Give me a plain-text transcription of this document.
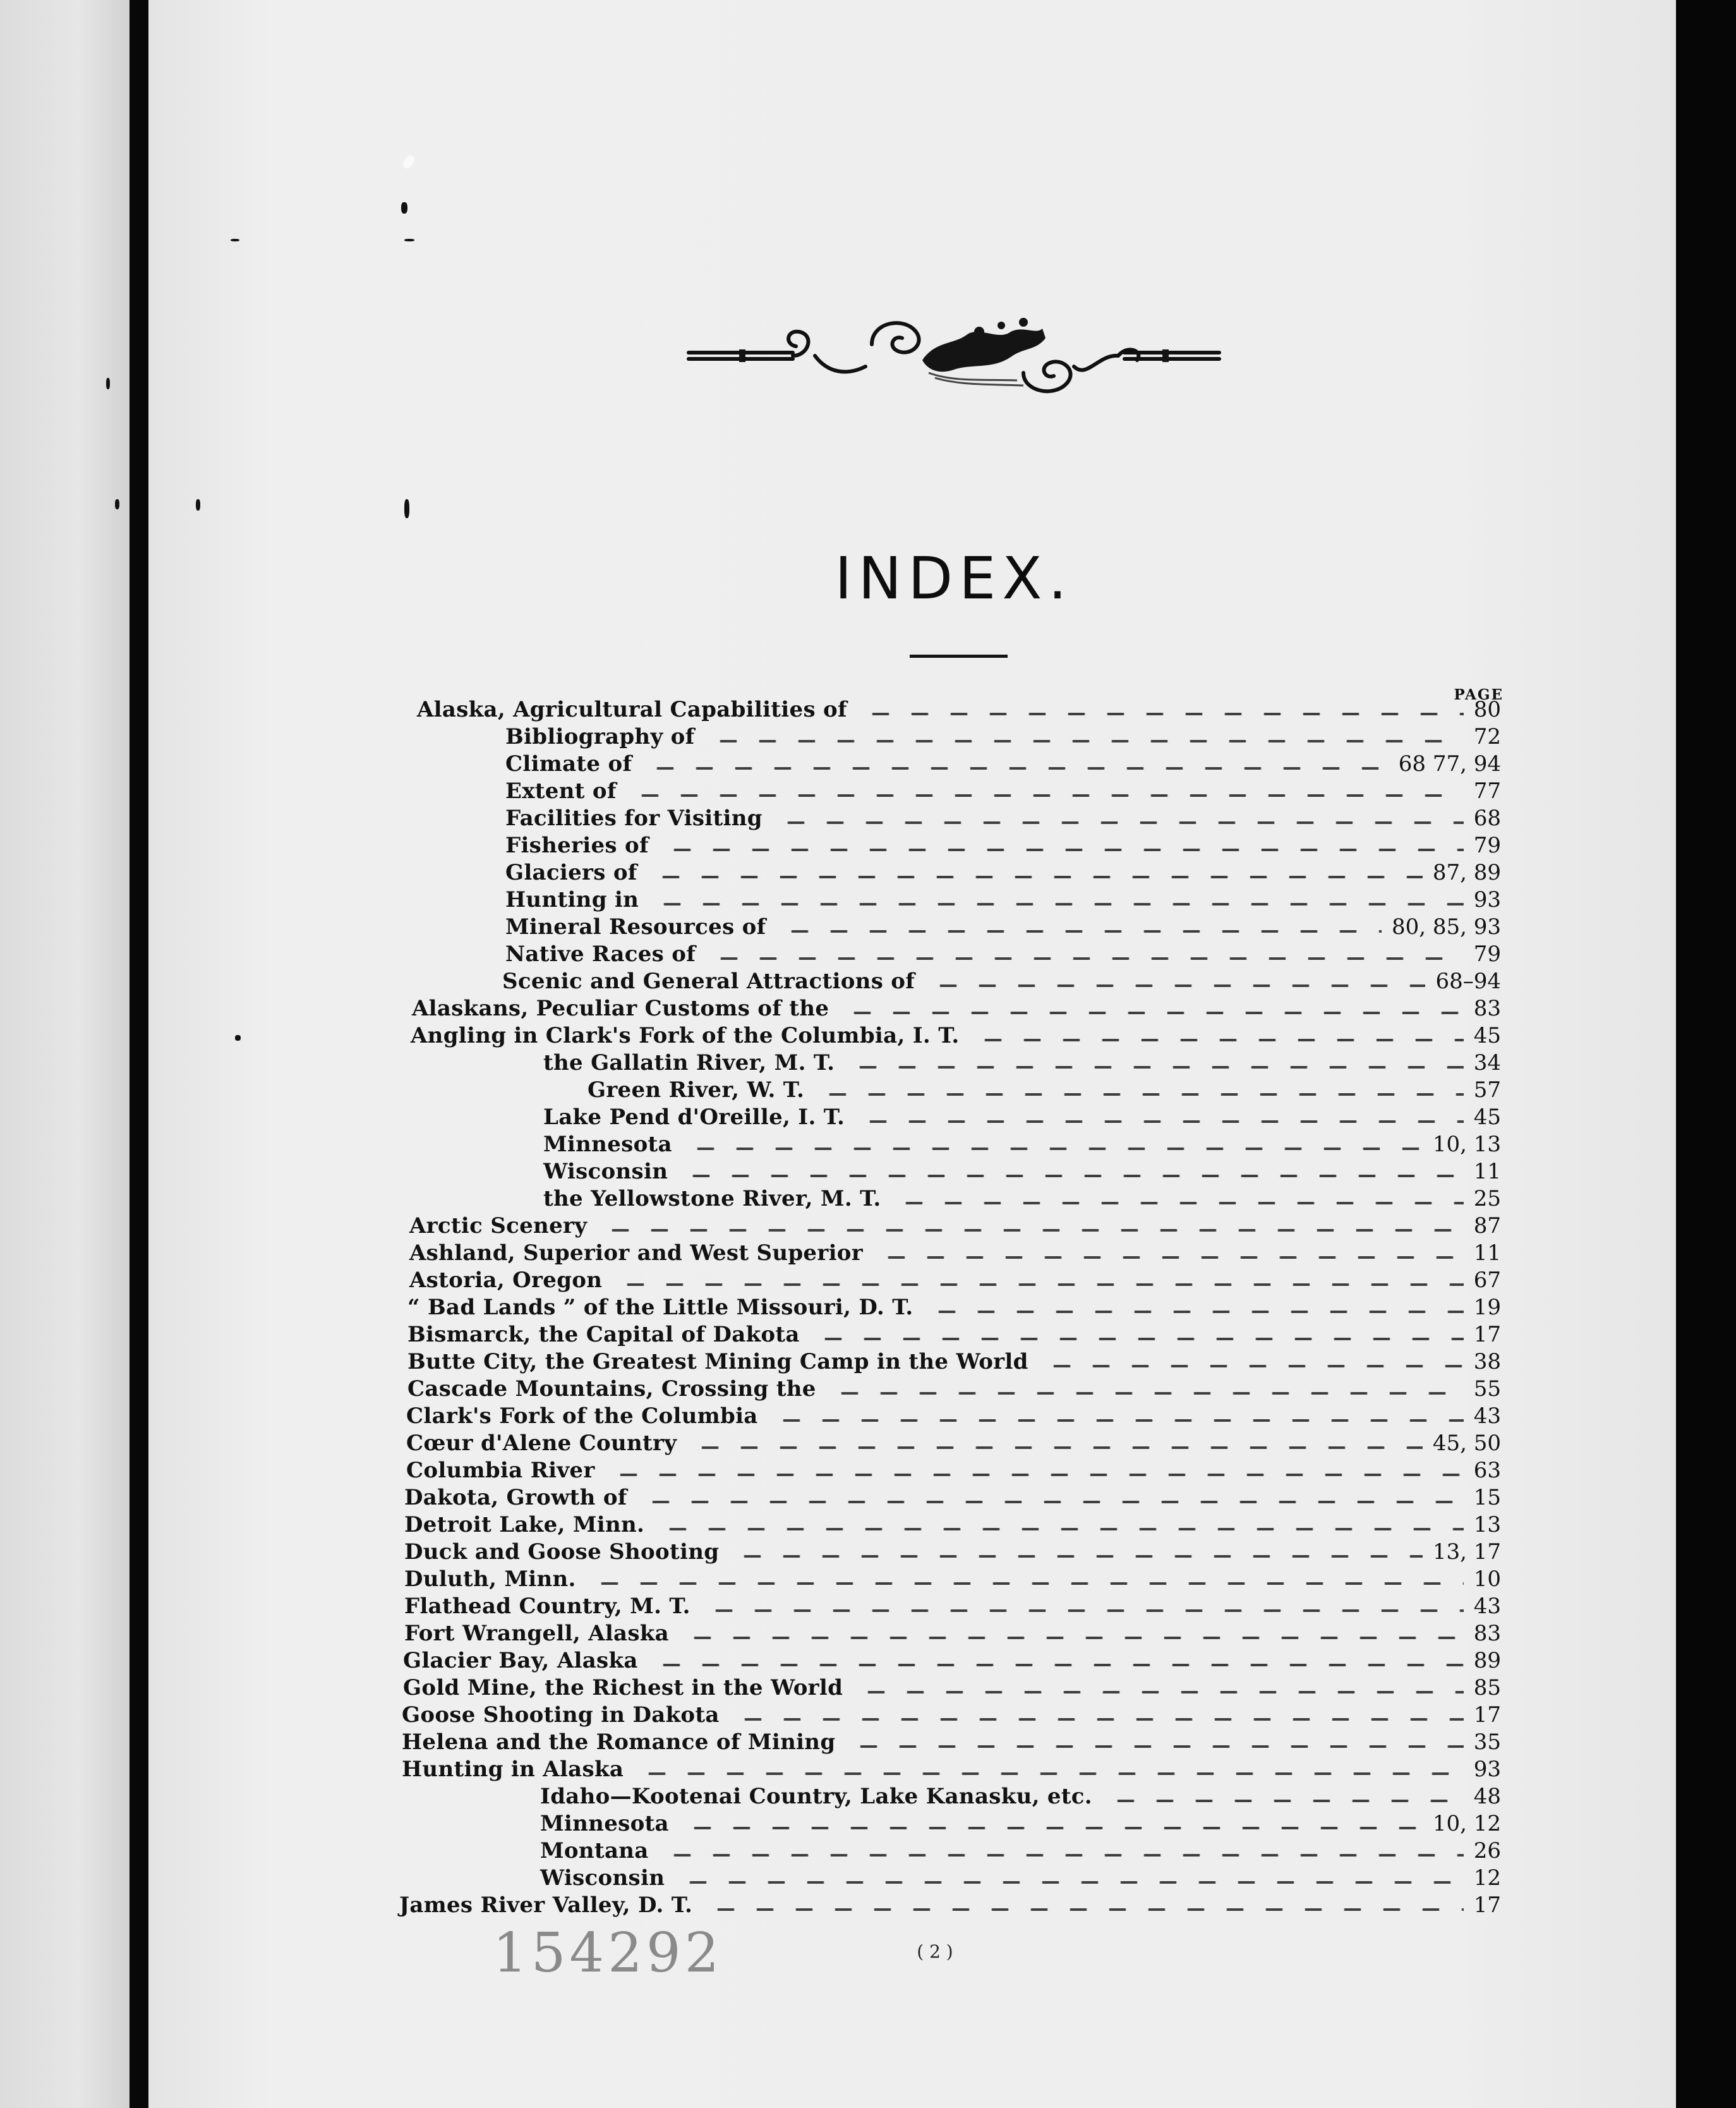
INDEX.
PAGE
Alaska, Agricultural Capabilities of	80
Bibliography of	72
Climate of	68 77, 94
Extent of	77
Facilities for Visiting	68
Fisheries of	79
Glaciers of	87, 89
Hunting in	93
Mineral Resources of	80, 85, 93
Native Races of	79
Scenic and General Attractions of	68–94
Alaskans, Peculiar Customs of the	83
Angling in Clark's Fork of the Columbia, I. T.	45
the Gallatin River, M. T.	34
Green River, W. T.	57
Lake Pend d'Oreille, I. T.	45
Minnesota	10, 13
Wisconsin	11
the Yellowstone River, M. T.	25
Arctic Scenery	87
Ashland, Superior and West Superior	11
Astoria, Oregon	67
“ Bad Lands ” of the Little Missouri, D. T.	19
Bismarck, the Capital of Dakota	17
Butte City, the Greatest Mining Camp in the World	38
Cascade Mountains, Crossing the	55
Clark's Fork of the Columbia	43
Cœur d'Alene Country	45, 50
Columbia River	63
Dakota, Growth of	15
Detroit Lake, Minn.	13
Duck and Goose Shooting	13, 17
Duluth, Minn.	10
Flathead Country, M. T.	43
Fort Wrangell, Alaska	83
Glacier Bay, Alaska	89
Gold Mine, the Richest in the World	85
Goose Shooting in Dakota	17
Helena and the Romance of Mining	35
Hunting in Alaska	93
Idaho—Kootenai Country, Lake Kanasku, etc.	48
Minnesota	10, 12
Montana	26
Wisconsin	12
James River Valley, D. T.	17
154292	( 2 )
